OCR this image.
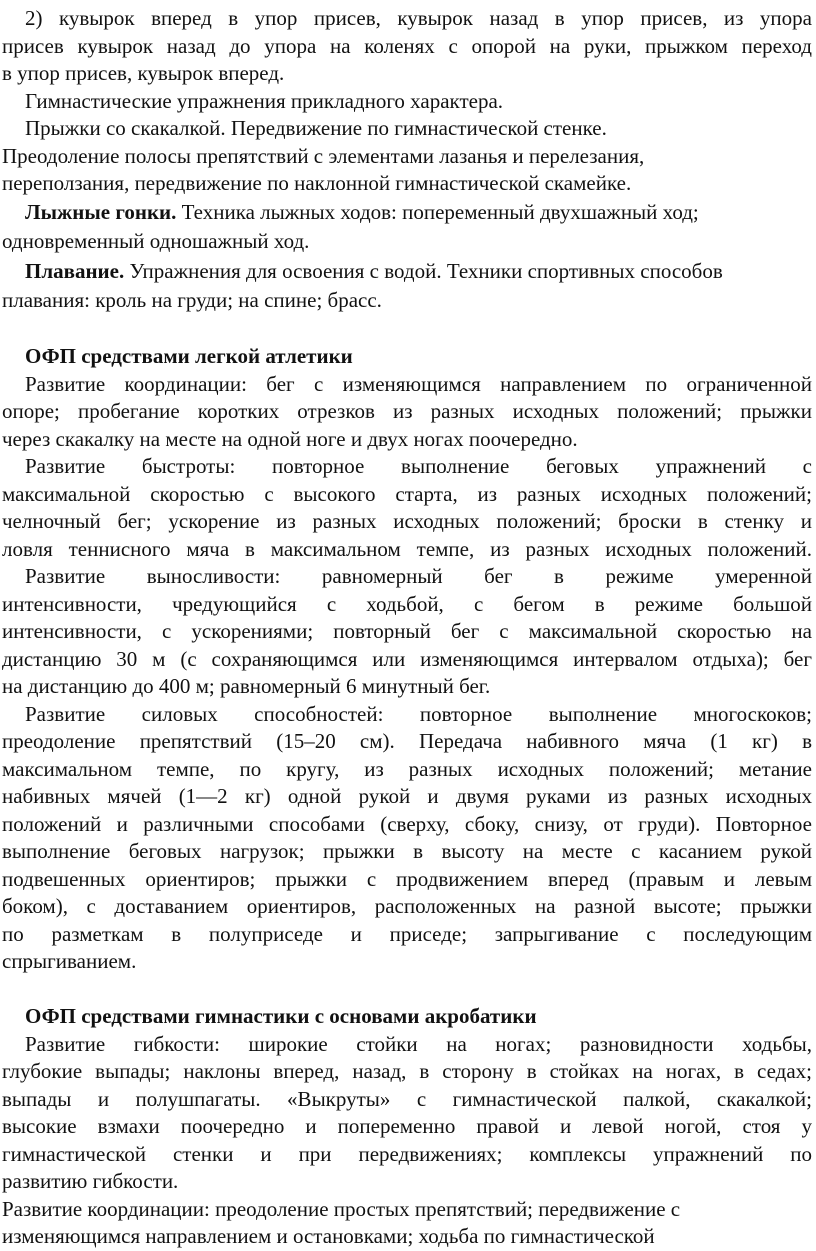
2) кувырок вперед в упор присев, кувырок назад в упор присев, из упора
присев кувырок назад до упора на коленях с опорой на руки, прыжком переход
в упор присев, кувырок вперед.
Гимнастические упражнения прикладного характера.
Прыжки со скакалкой. Передвижение по гимнастической стенке.
Преодоление полосы препятствий с элементами лазанья и перелезания,
переползания, передвижение по наклонной гимнастической скамейке.
Лыжные гонки. Техника лыжных ходов: попеременный двухшажный ход;
одновременный одношажный ход.
Плавание. Упражнения для освоения с водой. Техники спортивных способов
плавания: кроль на груди; на спине; брасс.
ОФП средствами легкой атлетики
Развитие координации: бег с изменяющимся направлением по ограниченной
опоре; пробегание коротких отрезков из разных исходных положений; прыжки
через скакалку на месте на одной ноге и двух ногах поочередно.
Развитие быстроты: повторное выполнение беговых упражнений с
максимальной скоростью с высокого старта, из разных исходных положений;
челночный бег; ускорение из разных исходных положений; броски в стенку и
ловля теннисного мяча в максимальном темпе, из разных исходных положений.
Развитие выносливости: равномерный бег в режиме умеренной
интенсивности, чредующийся с ходьбой, с бегом в режиме большой
интенсивности, с ускорениями; повторный бег с максимальной скоростью на
дистанцию 30 м (с сохраняющимся или изменяющимся интервалом отдыха); бег
на дистанцию до 400 м; равномерный 6 минутный бег.
Развитие силовых способностей: повторное выполнение многоскоков;
преодоление препятствий (15–20 см). Передача набивного мяча (1 кг) в
максимальном темпе, по кругу, из разных исходных положений; метание
набивных мячей (1—2 кг) одной рукой и двумя руками из разных исходных
положений и различными способами (сверху, сбоку, снизу, от груди). Повторное
выполнение беговых нагрузок; прыжки в высоту на месте с касанием рукой
подвешенных ориентиров; прыжки с продвижением вперед (правым и левым
боком), с доставанием ориентиров, расположенных на разной высоте; прыжки
по разметкам в полуприседе и приседе; запрыгивание с последующим
спрыгиванием.
ОФП средствами гимнастики с основами акробатики
Развитие гибкости: широкие стойки на ногах; разновидности ходьбы,
глубокие выпады; наклоны вперед, назад, в сторону в стойках на ногах, в седах;
выпады и полушпагаты. «Выкруты» с гимнастической палкой, скакалкой;
высокие взмахи поочередно и попеременно правой и левой ногой, стоя у
гимнастической стенки и при передвижениях; комплексы упражнений по
развитию гибкости.
Развитие координации: преодоление простых препятствий; передвижение с
изменяющимся направлением и остановками; ходьба по гимнастической
